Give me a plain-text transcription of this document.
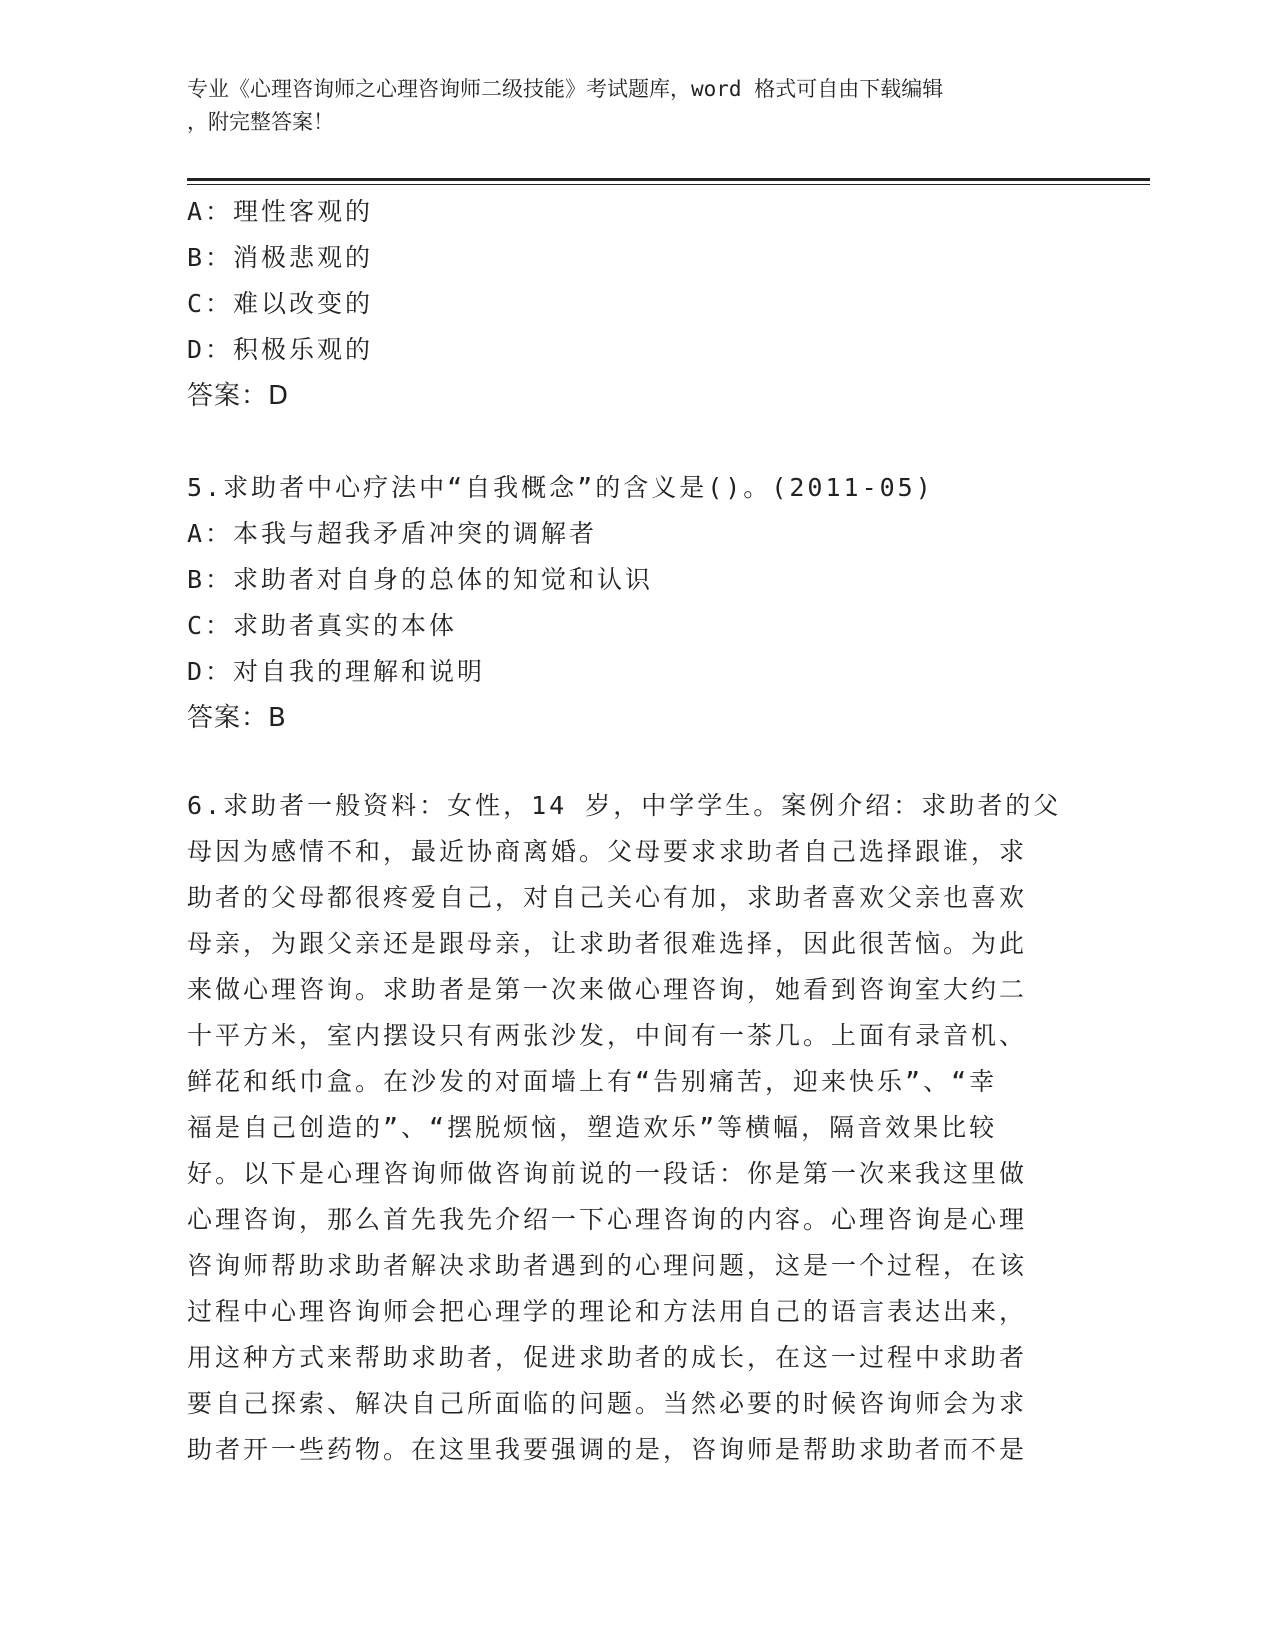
专业《心理咨询师之心理咨询师二级技能》考试题库，word 格式可自由下载编辑
，附完整答案！
A：理性客观的
B：消极悲观的
C：难以改变的
D：积极乐观的
答案：D
5.求助者中心疗法中“自我概念”的含义是()。(2011-05)
A：本我与超我矛盾冲突的调解者
B：求助者对自身的总体的知觉和认识
C：求助者真实的本体
D：对自我的理解和说明
答案：B
6.求助者一般资料：女性，14 岁，中学学生。案例介绍：求助者的父
母因为感情不和，最近协商离婚。父母要求求助者自己选择跟谁，求
助者的父母都很疼爱自己，对自己关心有加，求助者喜欢父亲也喜欢
母亲，为跟父亲还是跟母亲，让求助者很难选择，因此很苦恼。为此
来做心理咨询。求助者是第一次来做心理咨询，她看到咨询室大约二
十平方米，室内摆设只有两张沙发，中间有一茶几。上面有录音机、
鲜花和纸巾盒。在沙发的对面墙上有“告别痛苦，迎来快乐”、“幸
福是自己创造的”、“摆脱烦恼，塑造欢乐”等横幅，隔音效果比较
好。以下是心理咨询师做咨询前说的一段话：你是第一次来我这里做
心理咨询，那么首先我先介绍一下心理咨询的内容。心理咨询是心理
咨询师帮助求助者解决求助者遇到的心理问题，这是一个过程，在该
过程中心理咨询师会把心理学的理论和方法用自己的语言表达出来，
用这种方式来帮助求助者，促进求助者的成长，在这一过程中求助者
要自己探索、解决自己所面临的问题。当然必要的时候咨询师会为求
助者开一些药物。在这里我要强调的是，咨询师是帮助求助者而不是
